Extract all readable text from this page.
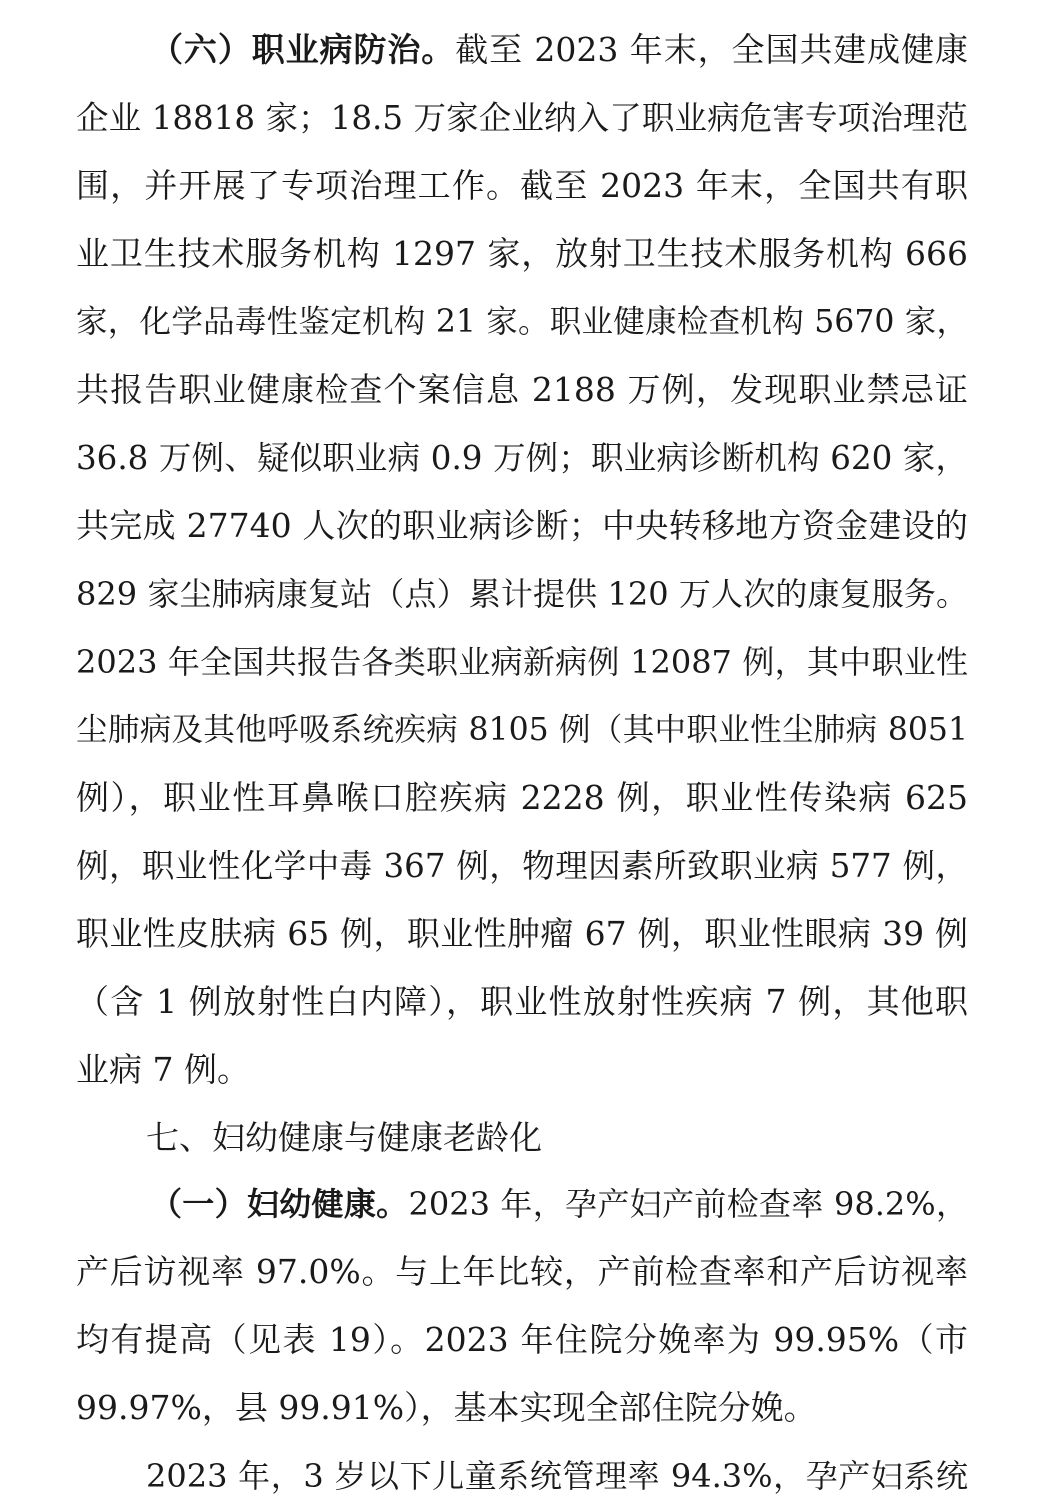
（六）职业病防治。截至 2023 年末，全国共建成健康
企业 18818 家；18.5 万家企业纳入了职业病危害专项治理范
围，并开展了专项治理工作。截至 2023 年末，全国共有职
业卫生技术服务机构 1297 家，放射卫生技术服务机构 666
家，化学品毒性鉴定机构 21 家。职业健康检查机构 5670 家，
共报告职业健康检查个案信息 2188 万例，发现职业禁忌证
36.8 万例、疑似职业病 0.9 万例；职业病诊断机构 620 家，
共完成 27740 人次的职业病诊断；中央转移地方资金建设的
829 家尘肺病康复站（点）累计提供 120 万人次的康复服务。
2023 年全国共报告各类职业病新病例 12087 例，其中职业性
尘肺病及其他呼吸系统疾病 8105 例（其中职业性尘肺病 8051
例），职业性耳鼻喉口腔疾病 2228 例，职业性传染病 625
例，职业性化学中毒 367 例，物理因素所致职业病 577 例，
职业性皮肤病 65 例，职业性肿瘤 67 例，职业性眼病 39 例
（含 1 例放射性白内障），职业性放射性疾病 7 例，其他职
业病 7 例。
七、妇幼健康与健康老龄化
（一）妇幼健康。2023 年，孕产妇产前检查率 98.2%，
产后访视率 97.0%。与上年比较，产前检查率和产后访视率
均有提高（见表 19）。2023 年住院分娩率为 99.95%（市
99.97%，县 99.91%），基本实现全部住院分娩。
2023 年，3 岁以下儿童系统管理率 94.3%，孕产妇系统
